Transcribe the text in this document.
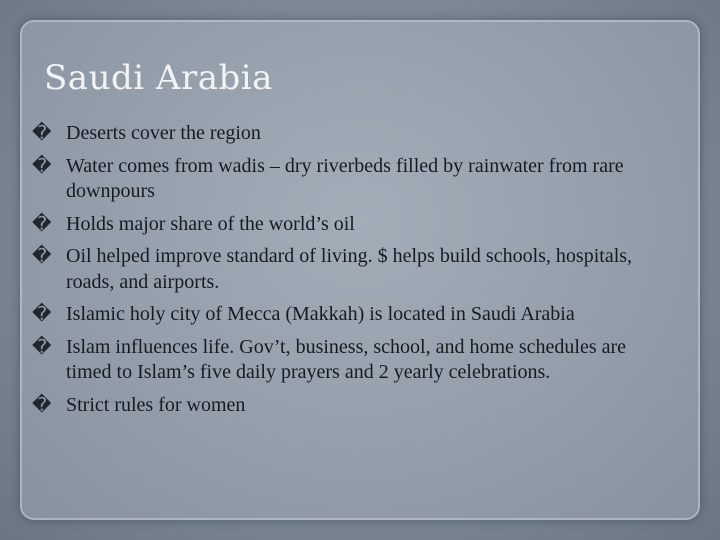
Saudi Arabia
� Deserts cover the region
� Water comes from wadis – dry riverbeds filled by rainwater from rare downpours
� Holds major share of the world’s oil
� Oil helped improve standard of living. $ helps build schools, hospitals, roads, and airports.
� Islamic holy city of Mecca (Makkah) is located in Saudi Arabia
� Islam influences life. Gov’t, business, school, and home schedules are timed to Islam’s five daily prayers and 2 yearly celebrations.
� Strict rules for women
